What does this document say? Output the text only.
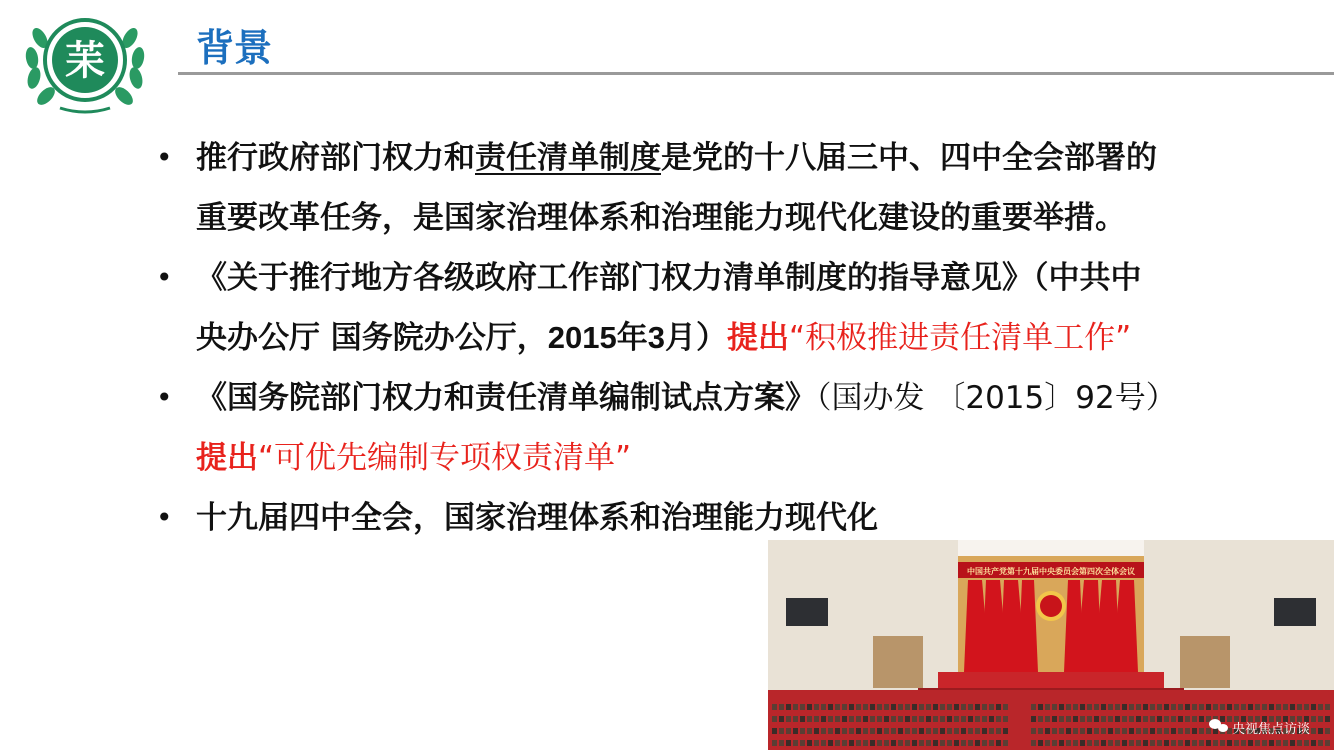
苿 背景
• 推行政府部门权力和责任清单制度是党的十八届三中、四中全会部署的
重要改革任务，是国家治理体系和治理能力现代化建设的重要举措。
• 《关于推行地方各级政府工作部门权力清单制度的指导意见》（中共中
央办公厅 国务院办公厅，2015年3月）提出“积极推进责任清单工作”
• 《国务院部门权力和责任清单编制试点方案》（国办发 〔2015〕92号）
提出“可优先编制专项权责清单”
• 十九届四中全会，国家治理体系和治理能力现代化
中国共产党第十九届中央委员会第四次全体会议
央视焦点访谈
